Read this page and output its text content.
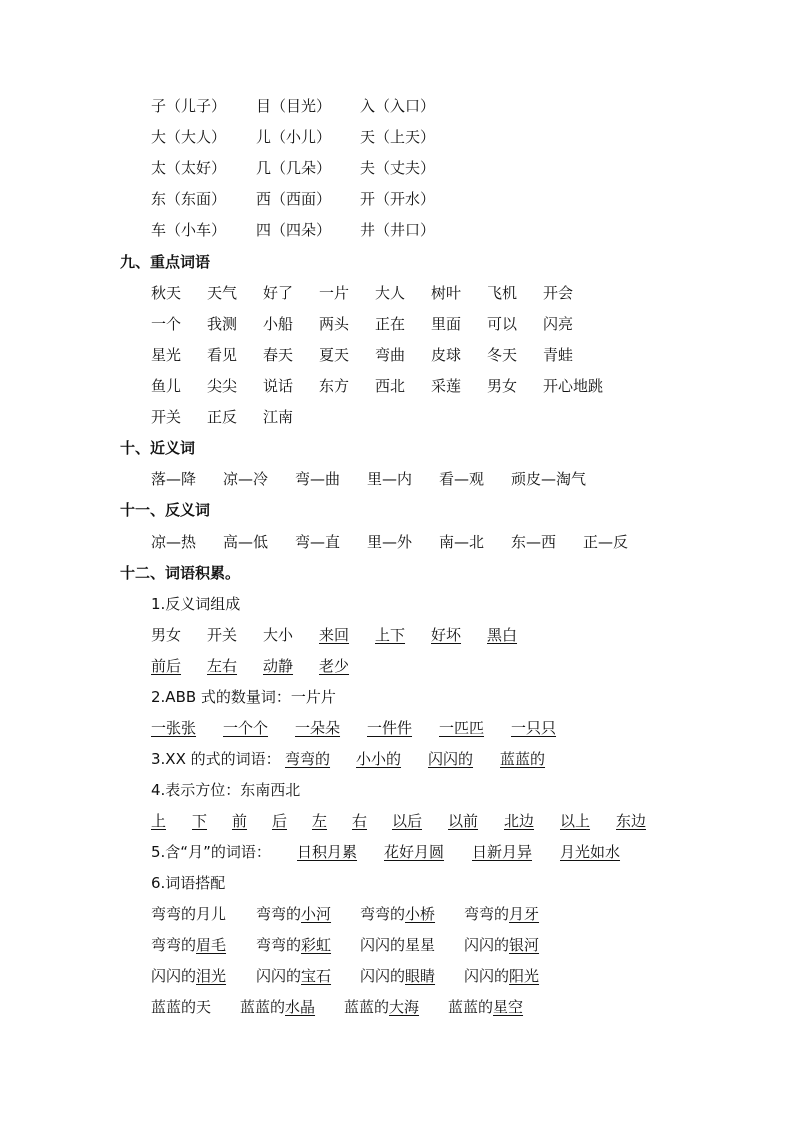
子（儿子） 目（目光） 入（入口）
大（大人） 儿（小儿） 天（上天）
太（太好） 几（几朵） 夫（丈夫）
东（东面） 西（西面） 开（开水）
车（小车） 四（四朵） 井（井口）
九、重点词语
秋天 天气 好了 一片 大人 树叶 飞机 开会
一个 我测 小船 两头 正在 里面 可以 闪亮
星光 看见 春天 夏天 弯曲 皮球 冬天 青蛙
鱼儿 尖尖 说话 东方 西北 采莲 男女 开心地跳
开关 正反 江南
十、近义词
落—降 凉—冷 弯—曲 里—内 看—观 顽皮—淘气
十一、反义词
凉—热 高—低 弯—直 里—外 南—北 东—西 正—反
十二、词语积累。
1.反义词组成
男女 开关 大小 来回 上下 好坏 黑白
前后 左右 动静 老少
2.ABB 式的数量词：一片片
一张张 一个个 一朵朵 一件件 一匹匹 一只只
3.XX 的式的词语： 弯弯的 小小的 闪闪的 蓝蓝的
4.表示方位：东南西北
上 下 前 后 左 右 以后 以前 北边 以上 东边
5.含“月”的词语： 日积月累 花好月圆 日新月异 月光如水
6.词语搭配
弯弯的月儿 弯弯的小河 弯弯的小桥 弯弯的月牙
弯弯的眉毛 弯弯的彩虹 闪闪的星星 闪闪的银河
闪闪的泪光 闪闪的宝石 闪闪的眼睛 闪闪的阳光
蓝蓝的天 蓝蓝的水晶 蓝蓝的大海 蓝蓝的星空
